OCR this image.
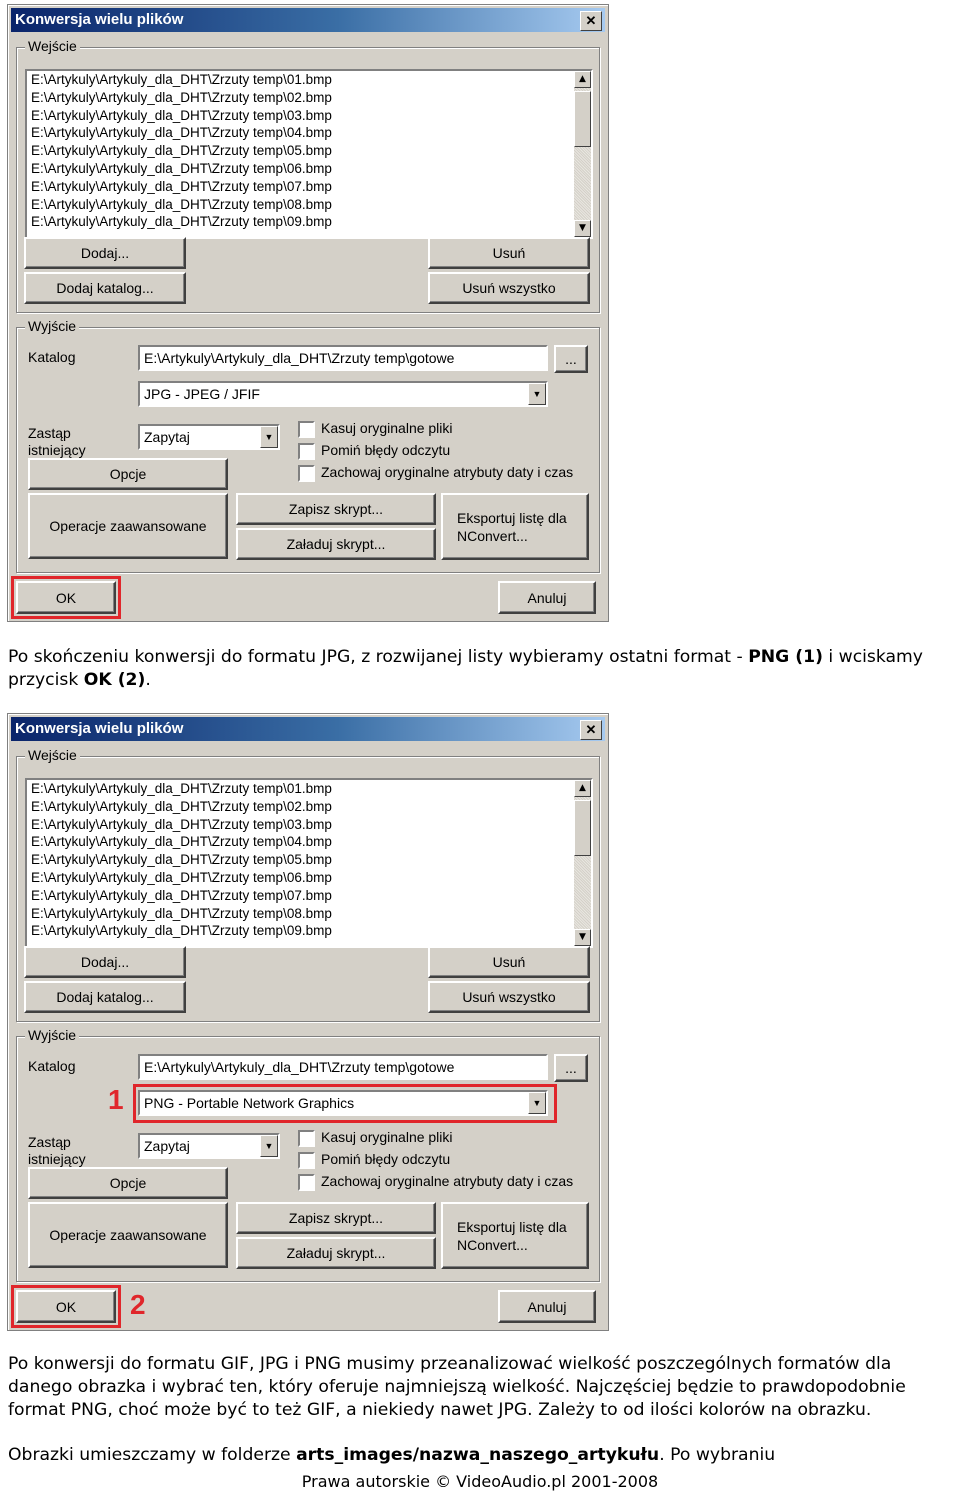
Konwersja wielu plików	✕
Wejście
E:\Artykuly\Artykuly_dla_DHT\Zrzuty temp\01.bmp
E:\Artykuly\Artykuly_dla_DHT\Zrzuty temp\02.bmp
E:\Artykuly\Artykuly_dla_DHT\Zrzuty temp\03.bmp
E:\Artykuly\Artykuly_dla_DHT\Zrzuty temp\04.bmp
E:\Artykuly\Artykuly_dla_DHT\Zrzuty temp\05.bmp
E:\Artykuly\Artykuly_dla_DHT\Zrzuty temp\06.bmp
E:\Artykuly\Artykuly_dla_DHT\Zrzuty temp\07.bmp
E:\Artykuly\Artykuly_dla_DHT\Zrzuty temp\08.bmp
E:\Artykuly\Artykuly_dla_DHT\Zrzuty temp\09.bmp
▲
▼
Dodaj...	Usuń
Dodaj katalog...	Usuń wszystko
Wyjście
Katalog	E:\Artykuly\Artykuly_dla_DHT\Zrzuty temp\gotowe	...
JPG - JPEG / JFIF	▼
Zastąp
istniejący
Zapytaj	▼
Kasuj oryginalne pliki
Pomiń błędy odczytu
Zachowaj oryginalne atrybuty daty i czas
Opcje
Operacje zaawansowane
Zapisz skrypt...
Załaduj skrypt...
Eksportuj listę dla
NConvert...
OK	Anuluj
Po skończeniu konwersji do formatu JPG, z rozwijanej listy wybieramy ostatni format - PNG (1) i wciskamy przycisk OK (2).
Konwersja wielu plików	✕
Wejście
E:\Artykuly\Artykuly_dla_DHT\Zrzuty temp\01.bmp
E:\Artykuly\Artykuly_dla_DHT\Zrzuty temp\02.bmp
E:\Artykuly\Artykuly_dla_DHT\Zrzuty temp\03.bmp
E:\Artykuly\Artykuly_dla_DHT\Zrzuty temp\04.bmp
E:\Artykuly\Artykuly_dla_DHT\Zrzuty temp\05.bmp
E:\Artykuly\Artykuly_dla_DHT\Zrzuty temp\06.bmp
E:\Artykuly\Artykuly_dla_DHT\Zrzuty temp\07.bmp
E:\Artykuly\Artykuly_dla_DHT\Zrzuty temp\08.bmp
E:\Artykuly\Artykuly_dla_DHT\Zrzuty temp\09.bmp
▲
▼
Dodaj...	Usuń
Dodaj katalog...	Usuń wszystko
Wyjście
Katalog	E:\Artykuly\Artykuly_dla_DHT\Zrzuty temp\gotowe	...
1	PNG - Portable Network Graphics	▼
Zastąp
istniejący
Zapytaj	▼
Kasuj oryginalne pliki
Pomiń błędy odczytu
Zachowaj oryginalne atrybuty daty i czas
Opcje
Operacje zaawansowane
Zapisz skrypt...
Załaduj skrypt...
Eksportuj listę dla
NConvert...
OK	2	Anuluj
Po konwersji do formatu GIF, JPG i PNG musimy przeanalizować wielkość poszczególnych formatów dla danego obrazka i wybrać ten, który oferuje najmniejszą wielkość. Najczęściej będzie to prawdopodobnie format PNG, choć może być to też GIF, a niekiedy nawet JPG. Zależy to od ilości kolorów na obrazku.
Obrazki umieszczamy w folderze arts_images/nazwa_naszego_artykułu. Po wybraniu
Prawa autorskie © VideoAudio.pl 2001-2008
